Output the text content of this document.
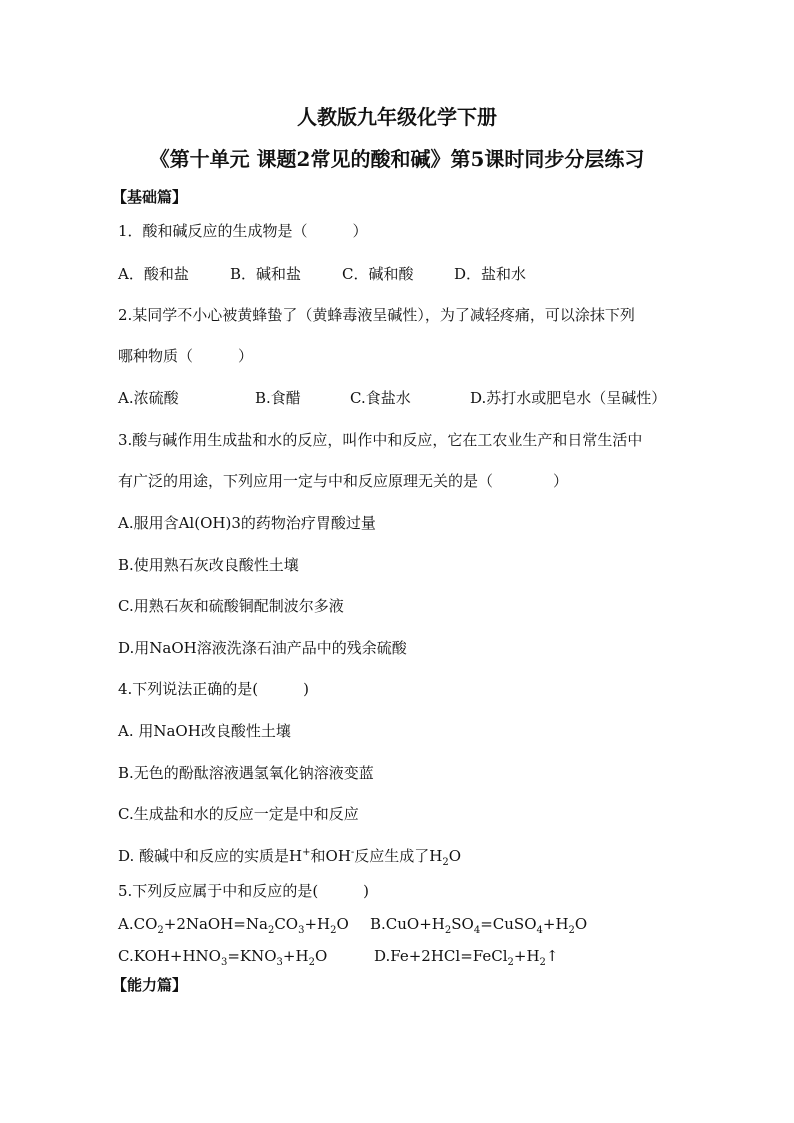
人教版九年级化学下册
《第十单元 课题2常见的酸和碱》第5课时同步分层练习
【基础篇】
1．酸和碱反应的生成物是（　　　）
A．酸和盐	B．碱和盐	C．碱和酸	D．盐和水
2.某同学不小心被黄蜂蛰了（黄蜂毒液呈碱性），为了减轻疼痛，可以涂抹下列
哪种物质（　　　）
A.浓硫酸	B.食醋	C.食盐水	D.苏打水或肥皂水（呈碱性）
3.酸与碱作用生成盐和水的反应，叫作中和反应，它在工农业生产和日常生活中
有广泛的用途，下列应用一定与中和反应原理无关的是（　　　　）
A.服用含Al(OH)3的药物治疗胃酸过量
B.使用熟石灰改良酸性土壤
C.用熟石灰和硫酸铜配制波尔多液
D.用NaOH溶液洗涤石油产品中的残余硫酸
4.下列说法正确的是(　　　)
A. 用NaOH改良酸性土壤
B.无色的酚酞溶液遇氢氧化钠溶液变蓝
C.生成盐和水的反应一定是中和反应
D. 酸碱中和反应的实质是H+和OH-反应生成了$H_2O$
5.下列反应属于中和反应的是(　　　)
$A.CO_2+2NaOH=Na_2CO_3+H_2O$ $B.CuO+H_2SO_4=CuSO_4+H_2O$
$C.KOH+HNO_3=KNO_3+H_2O$	$D.Fe+2HCl=FeCl_2+H_2↑$
【能力篇】
